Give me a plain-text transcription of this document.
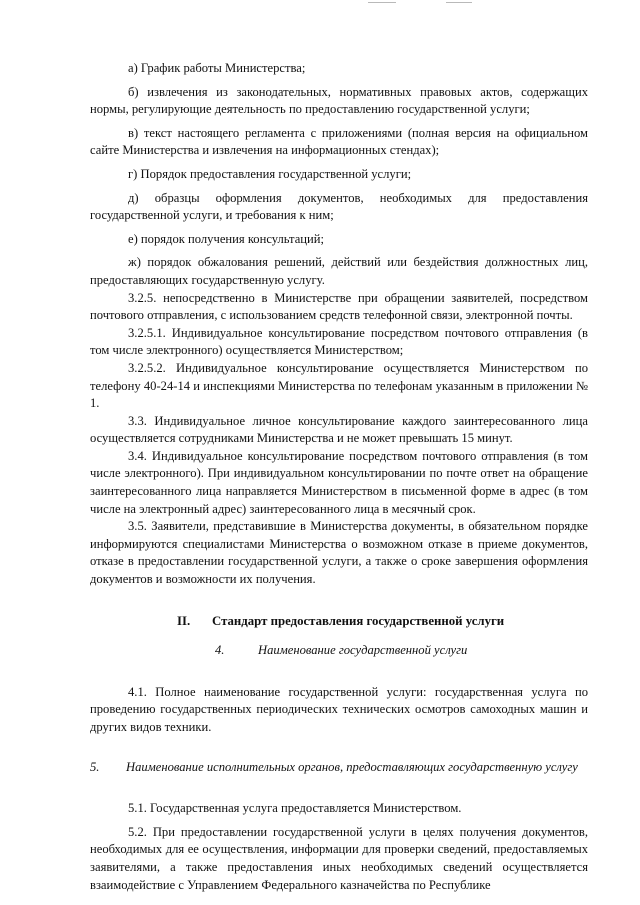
а) График работы Министерства;

б) извлечения из законодательных, нормативных правовых актов, содержащих нормы, регулирующие деятельность по предоставлению государственной услуги;

в) текст настоящего регламента с приложениями (полная версия на официальном сайте Министерства и извлечения на информационных стендах);

г) Порядок предоставления государственной услуги;

д) образцы оформления документов, необходимых для предоставления государственной услуги, и требования к ним;

е) порядок получения консультаций;

ж) порядок обжалования решений, действий или бездействия должностных лиц, предоставляющих государственную услугу.

3.2.5. непосредственно в Министерстве при обращении заявителей, посредством почтового отправления, с использованием средств телефонной связи, электронной почты.

3.2.5.1. Индивидуальное консультирование посредством почтового отправления (в том числе электронного) осуществляется Министерством;

3.2.5.2. Индивидуальное консультирование осуществляется Министерством по телефону 40-24-14 и инспекциями Министерства по телефонам указанным в приложении № 1.

3.3. Индивидуальное личное консультирование каждого заинтересованного лица осуществляется сотрудниками Министерства и не может превышать 15 минут.

3.4. Индивидуальное консультирование посредством почтового отправления (в том числе электронного). При индивидуальном консультировании по почте ответ на обращение заинтересованного лица направляется Министерством в письменной форме в адрес (в том числе на электронный адрес) заинтересованного лица в месячный срок.

3.5. Заявители, представившие в Министерства документы, в обязательном порядке информируются специалистами Министерства о возможном отказе в приеме документов, отказе в предоставлении государственной услуги, а также о сроке завершения оформления документов и возможности их получения.

II.	Стандарт предоставления государственной услуги
4.	Наименование государственной услуги

4.1. Полное наименование государственной услуги: государственная услуга по проведению государственных периодических технических осмотров самоходных машин и других видов техники.

5.	Наименование исполнительных органов, предоставляющих государственную услугу

5.1. Государственная услуга предоставляется Министерством.

5.2. При предоставлении государственной услуги в целях получения документов, необходимых для ее осуществления, информации для проверки сведений, предоставляемых заявителями, а также предоставления иных необходимых сведений осуществляется взаимодействие с Управлением Федерального казначейства по Республике
